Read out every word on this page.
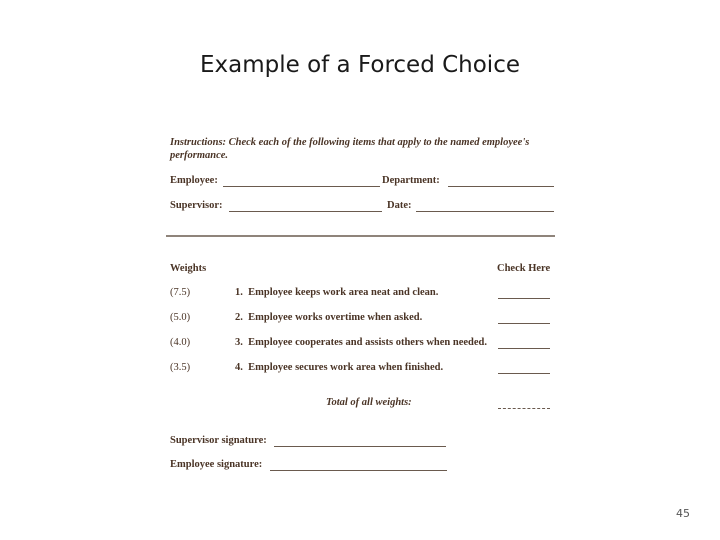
Example of a Forced Choice
Instructions: Check each of the following items that apply to the named employee's performance.
Employee:	Department:
Supervisor:	Date:
Weights	Check Here
(7.5)	1. Employee keeps work area neat and clean.
(5.0)	2. Employee works overtime when asked.
(4.0)	3. Employee cooperates and assists others when needed.
(3.5)	4. Employee secures work area when finished.
Total of all weights:
Supervisor signature:
Employee signature:
45
